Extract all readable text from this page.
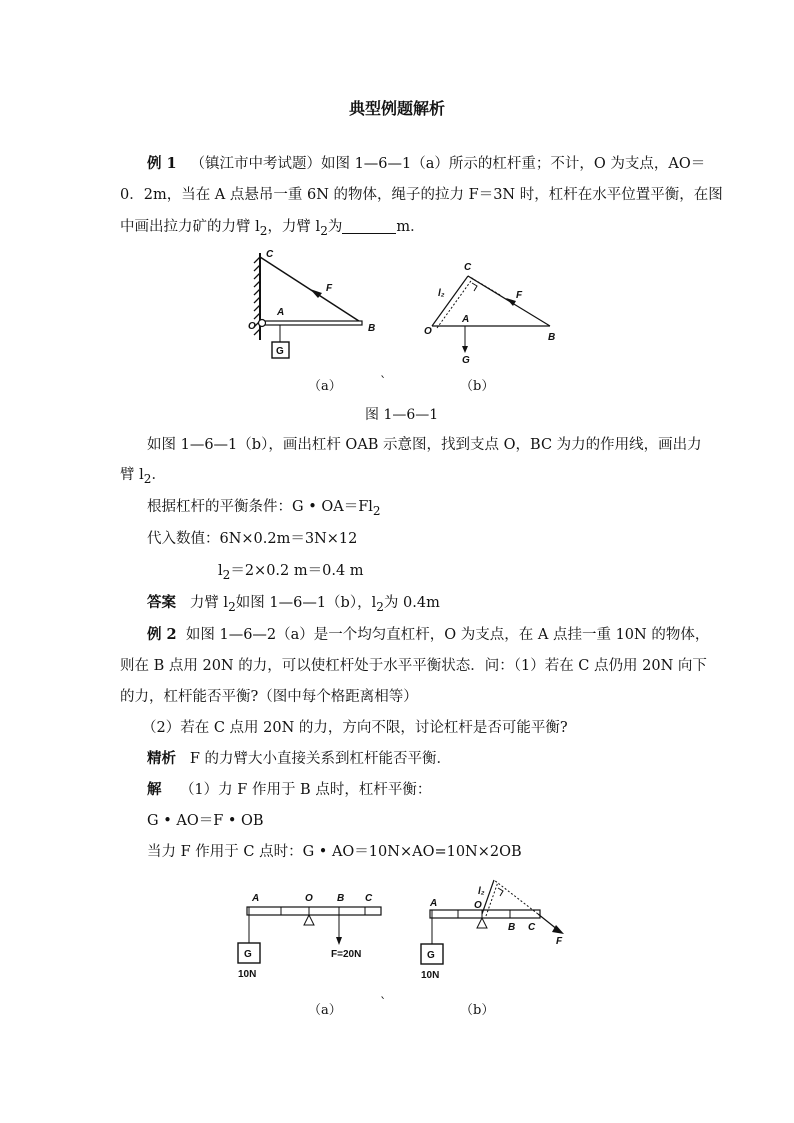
典型例题解析
例 1 （镇江市中考试题）如图 1—6—1（a）所示的杠杆重；不计，O 为支点，AO＝
0．2m，当在 A 点悬吊一重 6N 的物体，绳子的拉力 F＝3N 时，杠杆在水平位置平衡，在图
中画出拉力矿的力臂 $l_2$，力臂 $l_2$为	m．
C
F
A
O	B
G
C
l₂	F
A
O
B
G
（a）	`	（b）
图 1—6—1
如图 1—6—1（b），画出杠杆 OAB 示意图，找到支点 O，BC 为力的作用线，画出力
臂 $l_2$．
根据杠杆的平衡条件：G • $OA=Fl_2$
代入数值：6N×0.2m＝3N×12
$l_2=2\times 0.2$ m＝0.4 m
答案 力臂 $l_2$如图 1—6—1（b），$l_2$为 0.4m
例 2 如图 1—6—2（a）是一个均匀直杠杆，O 为支点，在 A 点挂一重 10N 的物体，
则在 B 点用 20N 的力，可以使杠杆处于水平平衡状态．问：（1）若在 C 点仍用 20N 向下
的力，杠杆能否平衡?（图中每个格距离相等）
（2）若在 C 点用 20N 的力，方向不限，讨论杠杆是否可能平衡?
精析 F 的力臂大小直接关系到杠杆能否平衡．
解 （1）力 F 作用于 B 点时，杠杆平衡：
G • AO＝F • OB
当力 F 作用于 C 点时：G • AO＝10N×AO=10N×2OB
A	O B C
G
10N
F=20N
l₂
A	O
B C
F
G
10N
（a）	`	（b）
